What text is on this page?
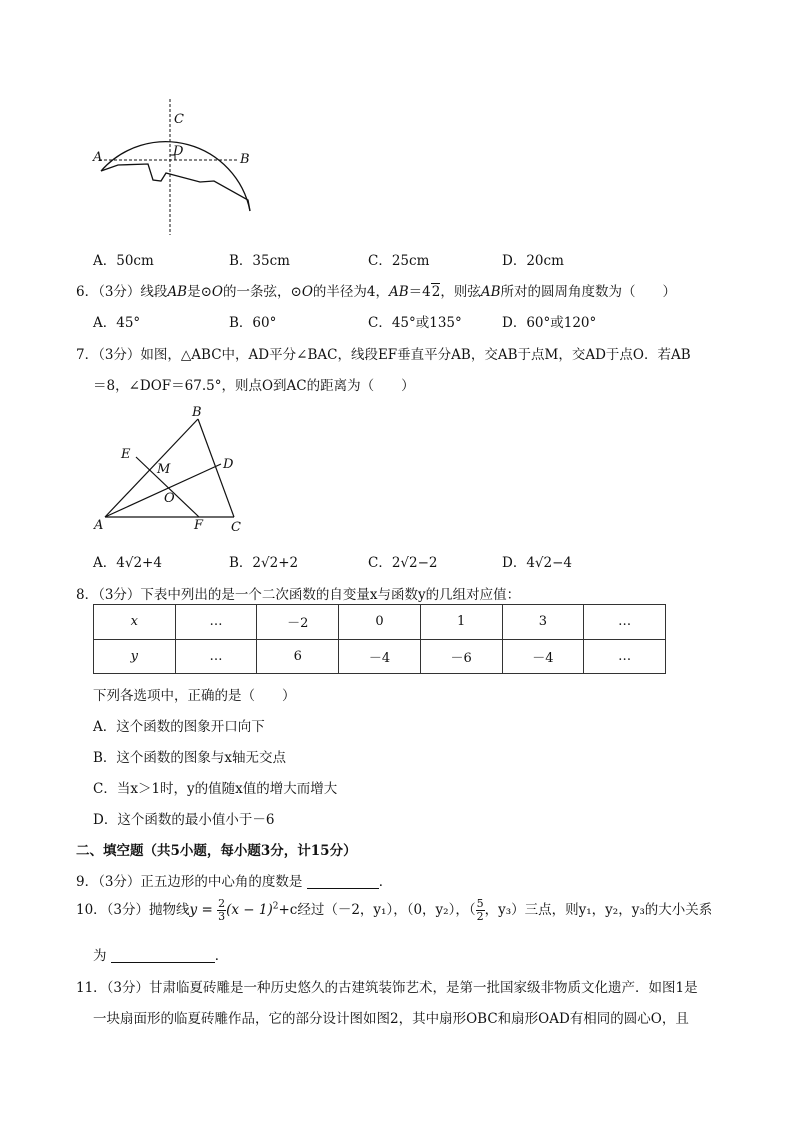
C
D
A	B
A．50cm	B．35cm	C．25cm	D．20cm
6．（3分）线段AB是⊙O的一条弦，⊙O的半径为4，AB＝42，则弦AB所对的圆周角度数为（　　）
A．45°	B．60°	C．45°或135°	D．60°或120°
7．（3分）如图，△ABC中，AD平分∠BAC，线段EF垂直平分AB，交AB于点M，交AD于点O．若AB
＝8，∠DOF＝67.5°，则点O到AC的距离为（　　）
B
E
M	D
O
A	F C
A．4√2+4	B．2√2+2	C．2√2−2	D．4√2−4
8．（3分）下表中列出的是一个二次函数的自变量x与函数y的几组对应值：
x	…	－2	0	1	3	…
y	…	6	－4	－6	－4	…
下列各选项中，正确的是（　　）
A．这个函数的图象开口向下
B．这个函数的图象与x轴无交点
C．当x＞1时，y的值随x值的增大而增大
D．这个函数的最小值小于－6
二、填空题（共5小题，每小题3分，计15分）
9．（3分）正五边形的中心角的度数是	．
10．（3分）抛物线$y = \frac{2}{3} (x - 1)^2+c$经过（－2，y₁），（0，y₂），（ $\frac{5}{2}$ ，y₃）三点，则y₁，y₂，y₃的大小关系
为	．
11．（3分）甘肃临夏砖雕是一种历史悠久的古建筑装饰艺术，是第一批国家级非物质文化遗产．如图1是
一块扇面形的临夏砖雕作品，它的部分设计图如图2，其中扇形OBC和扇形OAD有相同的圆心O，且
